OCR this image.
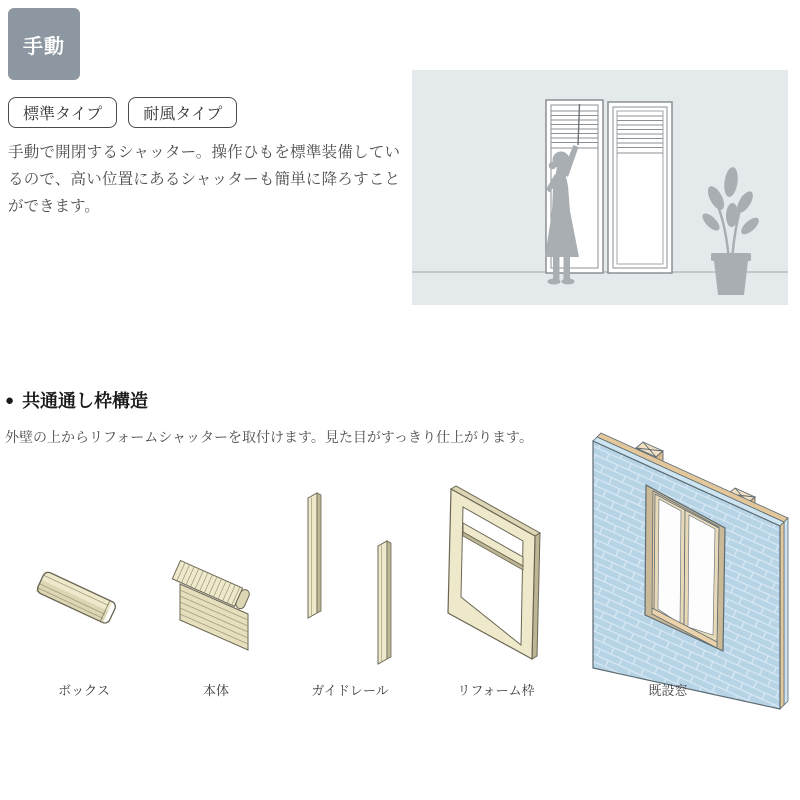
手動
標準タイプ	耐風タイプ

手動で開閉するシャッター。操作ひもを標準装備しているので、高い位置にあるシャッターも簡単に降ろすことができます。

● 共通通し枠構造

外壁の上からリフォームシャッターを取付けます。見た目がすっきり仕上がります。

ボックス	本体	ガイドレール	リフォーム枠	既設窓
